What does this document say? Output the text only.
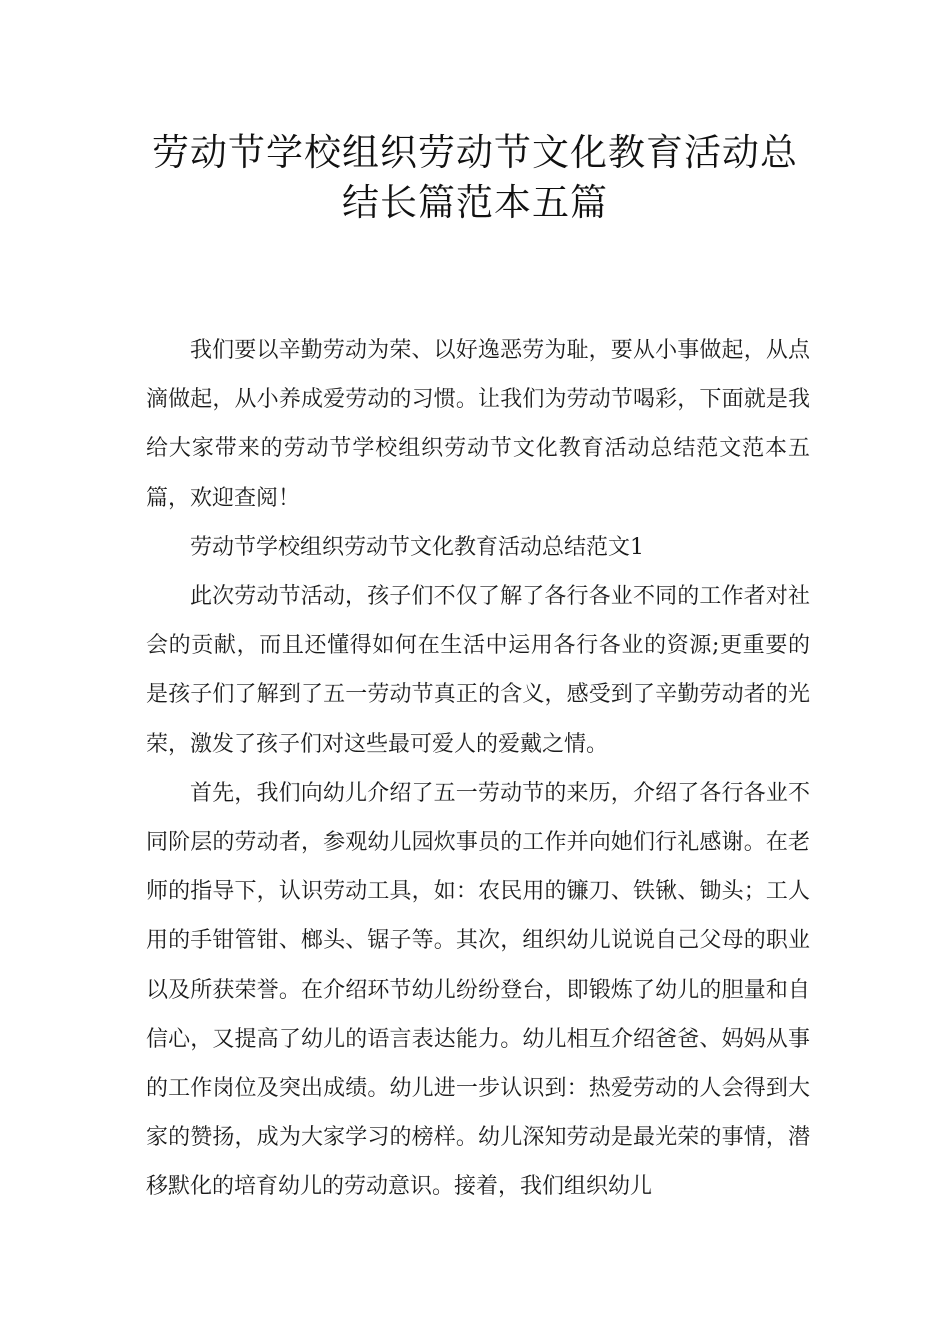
劳动节学校组织劳动节文化教育活动总
结长篇范本五篇

我们要以辛勤劳动为荣、以好逸恶劳为耻，要从小事做起，从点滴做起，从小养成爱劳动的习惯。让我们为劳动节喝彩，下面就是我给大家带来的劳动节学校组织劳动节文化教育活动总结范文范本五篇，欢迎查阅！

劳动节学校组织劳动节文化教育活动总结范文1

此次劳动节活动，孩子们不仅了解了各行各业不同的工作者对社会的贡献，而且还懂得如何在生活中运用各行各业的资源;更重要的是孩子们了解到了五一劳动节真正的含义，感受到了辛勤劳动者的光荣，激发了孩子们对这些最可爱人的爱戴之情。

首先，我们向幼儿介绍了五一劳动节的来历，介绍了各行各业不同阶层的劳动者，参观幼儿园炊事员的工作并向她们行礼感谢。在老师的指导下，认识劳动工具，如：农民用的镰刀、铁锹、锄头；工人用的手钳管钳、榔头、锯子等。其次，组织幼儿说说自己父母的职业以及所获荣誉。在介绍环节幼儿纷纷登台，即锻炼了幼儿的胆量和自信心，又提高了幼儿的语言表达能力。幼儿相互介绍爸爸、妈妈从事的工作岗位及突出成绩。幼儿进一步认识到：热爱劳动的人会得到大家的赞扬，成为大家学习的榜样。幼儿深知劳动是最光荣的事情，潜移默化的培育幼儿的劳动意识。接着，我们组织幼儿
